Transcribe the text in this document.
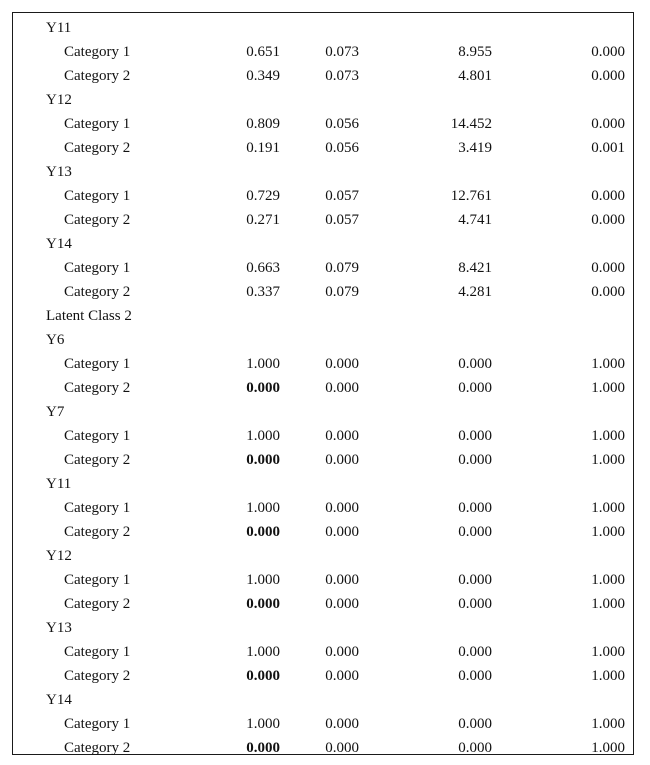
Y11
Category 1	0.651	0.073	8.955	0.000
Category 2	0.349	0.073	4.801	0.000
Y12
Category 1	0.809	0.056	14.452	0.000
Category 2	0.191	0.056	3.419	0.001
Y13
Category 1	0.729	0.057	12.761	0.000
Category 2	0.271	0.057	4.741	0.000
Y14
Category 1	0.663	0.079	8.421	0.000
Category 2	0.337	0.079	4.281	0.000
Latent Class 2
Y6
Category 1	1.000	0.000	0.000	1.000
Category 2	0.000	0.000	0.000	1.000
Y7
Category 1	1.000	0.000	0.000	1.000
Category 2	0.000	0.000	0.000	1.000
Y11
Category 1	1.000	0.000	0.000	1.000
Category 2	0.000	0.000	0.000	1.000
Y12
Category 1	1.000	0.000	0.000	1.000
Category 2	0.000	0.000	0.000	1.000
Y13
Category 1	1.000	0.000	0.000	1.000
Category 2	0.000	0.000	0.000	1.000
Y14
Category 1	1.000	0.000	0.000	1.000
Category 2	0.000	0.000	0.000	1.000
